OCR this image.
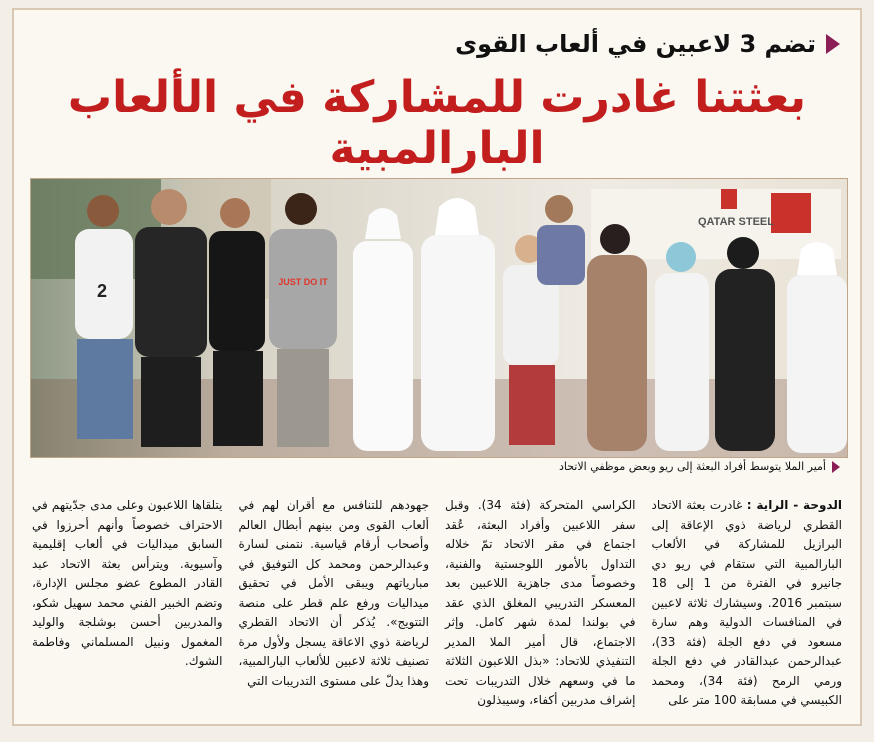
تضم 3 لاعبين في ألعاب القوى
بعثتنا غادرت للمشاركة في الألعاب البارالمبية
QATAR STEEL
2	JUST DO IT
أمير الملا يتوسط أفراد البعثة إلى ريو وبعض موظفي الاتحاد
الدوحة - الراية : غادرت بعثة الاتحاد القطري لرياضة ذوي الإعاقة إلى البرازيل للمشاركة في الألعاب البارالمبية التي ستقام في ريو دي جانيرو في الفترة من 1 إلى 18 سبتمبر 2016. وسيشارك ثلاثة لاعبين في المنافسات الدولية وهم سارة مسعود في دفع الجلة (فئة 33)، عبدالرحمن عبدالقادر في دفع الجلة ورمي الرمح (فئة 34)، ومحمد الكبيسي في مسابقة 100 متر على
الكراسي المتحركة (فئة 34). وقبل سفر اللاعبين وأفراد البعثة، عُقد اجتماع في مقر الاتحاد تمّ خلاله التداول بالأمور اللوجستية والفنية، وخصوصاً مدى جاهزية اللاعبين بعد المعسكر التدريبي المغلق الذي عقد في بولندا لمدة شهر كامل. وإثر الاجتماع، قال أمير الملا المدير التنفيذي للاتحاد: «بذل اللاعبون الثلاثة ما في وسعهم خلال التدريبات تحت إشراف مدربين أكفاء، وسيبذلون
جهودهم للتنافس مع أقران لهم في ألعاب القوى ومن بينهم أبطال العالم وأصحاب أرقام قياسية. نتمنى لسارة وعبدالرحمن ومحمد كل التوفيق في مبارياتهم ويبقى الأمل في تحقيق ميداليات ورفع علم قطر على منصة التتويج». يُذكر أن الاتحاد القطري لرياضة ذوي الاعاقة يسجل ولأول مرة تصنيف ثلاثة لاعبين للألعاب البارالمبية، وهذا يدلّ على مستوى التدريبات التي
يتلقاها اللاعبون وعلى مدى جدّيتهم في الاحتراف خصوصاً وأنهم أحرزوا في السابق ميداليات في ألعاب إقليمية وآسيوية. ويترأس بعثة الاتحاد عبد القادر المطوع عضو مجلس الإدارة، وتضم الخبير الفني محمد سهيل شكو، والمدربين أحسن بوشلجة والوليد المغمول ونبيل المسلماني وفاطمة الشوك.
